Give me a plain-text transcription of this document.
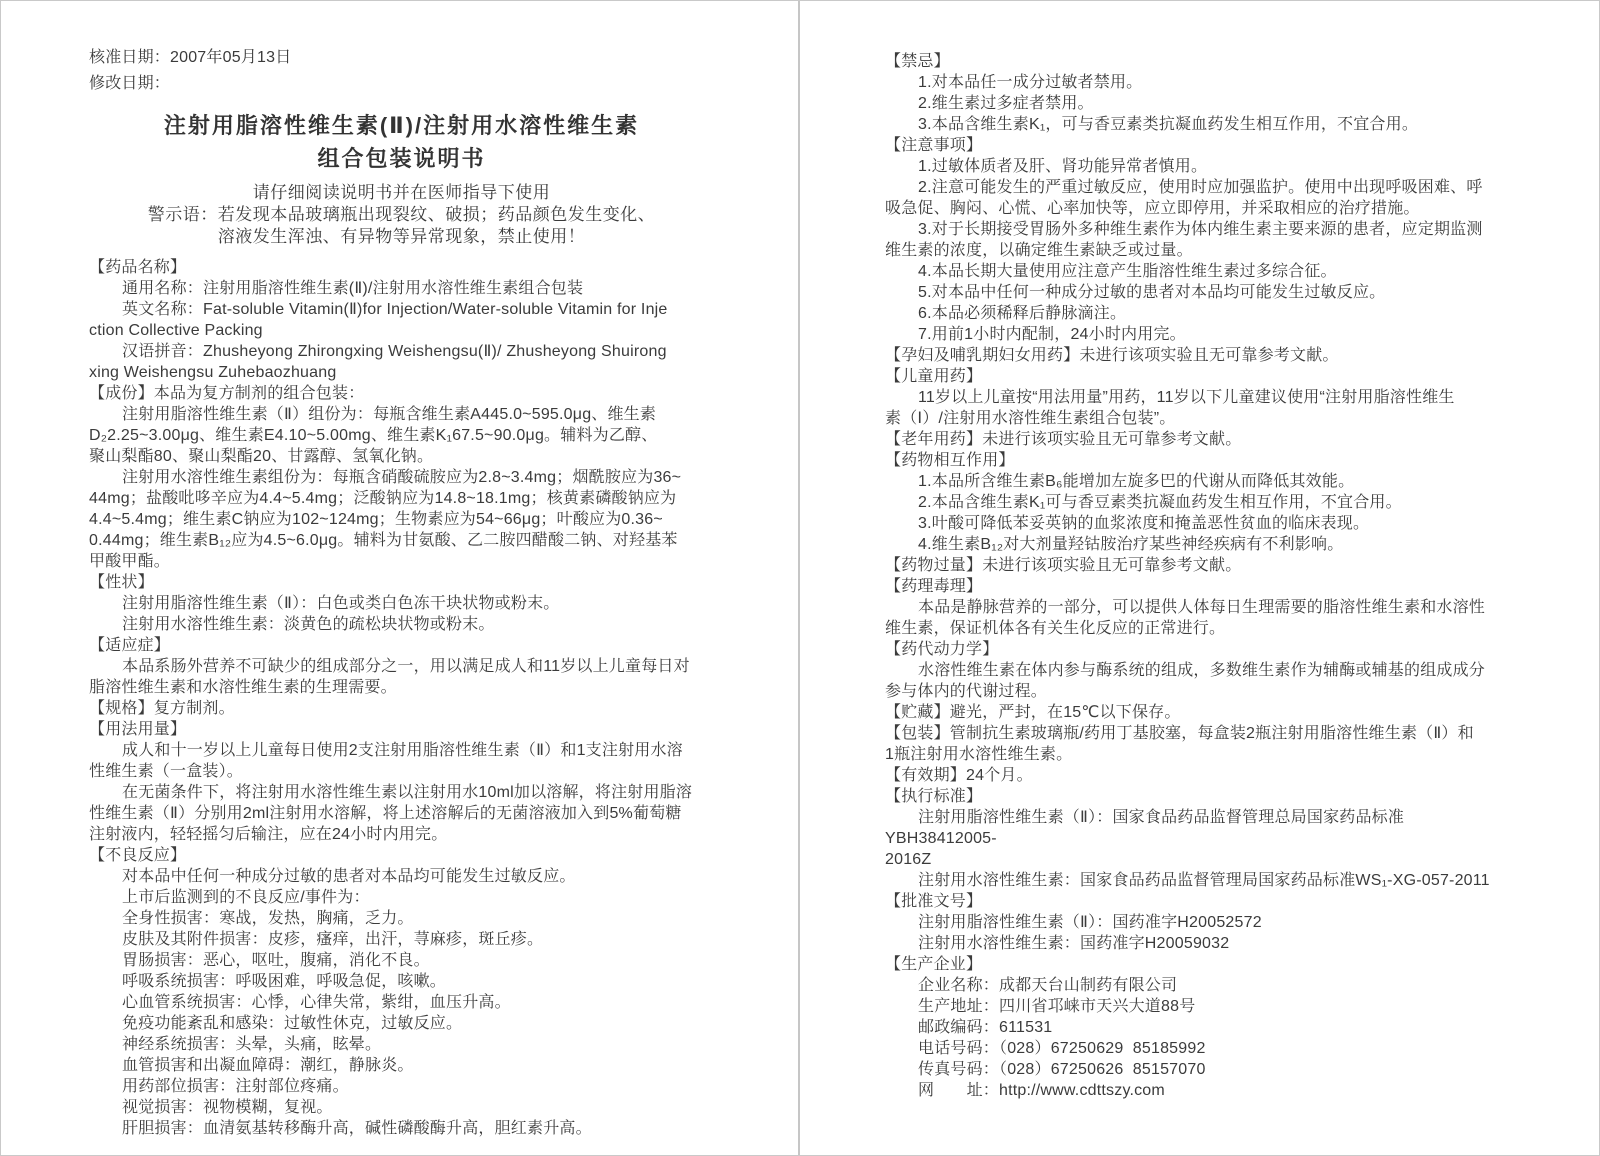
核准日期：2007年05月13日
修改日期：
注射用脂溶性维生素(Ⅱ)/注射用水溶性维生素
组合包装说明书
请仔细阅读说明书并在医师指导下使用
警示语：若发现本品玻璃瓶出现裂纹、破损；药品颜色发生变化、
溶液发生浑浊、有异物等异常现象，禁止使用！
【药品名称】
通用名称：注射用脂溶性维生素(Ⅱ)/注射用水溶性维生素组合包装
英文名称：Fat-soluble Vitamin(Ⅱ)for Injection/Water-soluble Vitamin for Inje
ction Collective Packing
汉语拼音：Zhusheyong Zhirongxing Weishengsu(Ⅱ)/ Zhusheyong Shuirong
xing Weishengsu Zuhebaozhuang
【成份】本品为复方制剂的组合包装：
注射用脂溶性维生素（Ⅱ）组份为：每瓶含维生素A445.0~595.0μg、维生素
D₂2.25~3.00μg、维生素E4.10~5.00mg、维生素K₁67.5~90.0μg。辅料为乙醇、
聚山梨酯80、聚山梨酯20、甘露醇、氢氧化钠。
注射用水溶性维生素组份为：每瓶含硝酸硫胺应为2.8~3.4mg；烟酰胺应为36~
44mg；盐酸吡哆辛应为4.4~5.4mg；泛酸钠应为14.8~18.1mg；核黄素磷酸钠应为
4.4~5.4mg；维生素C钠应为102~124mg；生物素应为54~66μg；叶酸应为0.36~
0.44mg；维生素B₁₂应为4.5~6.0μg。辅料为甘氨酸、乙二胺四醋酸二钠、对羟基苯
甲酸甲酯。
【性状】
注射用脂溶性维生素（Ⅱ）：白色或类白色冻干块状物或粉末。
注射用水溶性维生素：淡黄色的疏松块状物或粉末。
【适应症】
本品系肠外营养不可缺少的组成部分之一，用以满足成人和11岁以上儿童每日对
脂溶性维生素和水溶性维生素的生理需要。
【规格】复方制剂。
【用法用量】
成人和十一岁以上儿童每日使用2支注射用脂溶性维生素（Ⅱ）和1支注射用水溶
性维生素（一盒装）。
在无菌条件下，将注射用水溶性维生素以注射用水10ml加以溶解，将注射用脂溶
性维生素（Ⅱ）分别用2ml注射用水溶解，将上述溶解后的无菌溶液加入到5%葡萄糖
注射液内，轻轻摇匀后输注，应在24小时内用完。
【不良反应】
对本品中任何一种成分过敏的患者对本品均可能发生过敏反应。
上市后监测到的不良反应/事件为：
全身性损害：寒战，发热，胸痛，乏力。
皮肤及其附件损害：皮疹，瘙痒，出汗，荨麻疹，斑丘疹。
胃肠损害：恶心，呕吐，腹痛，消化不良。
呼吸系统损害：呼吸困难，呼吸急促，咳嗽。
心血管系统损害：心悸，心律失常，紫绀，血压升高。
免疫功能紊乱和感染：过敏性休克，过敏反应。
神经系统损害：头晕，头痛，眩晕。
血管损害和出凝血障碍：潮红，静脉炎。
用药部位损害：注射部位疼痛。
视觉损害：视物模糊，复视。
肝胆损害：血清氨基转移酶升高，碱性磷酸酶升高，胆红素升高。
【禁忌】
1.对本品任一成分过敏者禁用。
2.维生素过多症者禁用。
3.本品含维生素K₁，可与香豆素类抗凝血药发生相互作用，不宜合用。
【注意事项】
1.过敏体质者及肝、肾功能异常者慎用。
2.注意可能发生的严重过敏反应，使用时应加强监护。使用中出现呼吸困难、呼
吸急促、胸闷、心慌、心率加快等，应立即停用，并采取相应的治疗措施。
3.对于长期接受胃肠外多种维生素作为体内维生素主要来源的患者，应定期监测
维生素的浓度，以确定维生素缺乏或过量。
4.本品长期大量使用应注意产生脂溶性维生素过多综合征。
5.对本品中任何一种成分过敏的患者对本品均可能发生过敏反应。
6.本品必须稀释后静脉滴注。
7.用前1小时内配制，24小时内用完。
【孕妇及哺乳期妇女用药】未进行该项实验且无可靠参考文献。
【儿童用药】
11岁以上儿童按“用法用量”用药，11岁以下儿童建议使用“注射用脂溶性维生
素（Ⅰ）/注射用水溶性维生素组合包装”。
【老年用药】未进行该项实验且无可靠参考文献。
【药物相互作用】
1.本品所含维生素B₆能增加左旋多巴的代谢从而降低其效能。
2.本品含维生素K₁可与香豆素类抗凝血药发生相互作用，不宜合用。
3.叶酸可降低苯妥英钠的血浆浓度和掩盖恶性贫血的临床表现。
4.维生素B₁₂对大剂量羟钴胺治疗某些神经疾病有不利影响。
【药物过量】未进行该项实验且无可靠参考文献。
【药理毒理】
本品是静脉营养的一部分，可以提供人体每日生理需要的脂溶性维生素和水溶性
维生素，保证机体各有关生化反应的正常进行。
【药代动力学】
水溶性维生素在体内参与酶系统的组成，多数维生素作为辅酶或辅基的组成成分
参与体内的代谢过程。
【贮藏】避光，严封，在15℃以下保存。
【包装】管制抗生素玻璃瓶/药用丁基胶塞，每盒装2瓶注射用脂溶性维生素（Ⅱ）和
1瓶注射用水溶性维生素。
【有效期】24个月。
【执行标准】
注射用脂溶性维生素（Ⅱ）：国家食品药品监督管理总局国家药品标准YBH38412005-
2016Z
注射用水溶性维生素：国家食品药品监督管理局国家药品标准WS₁-XG-057-2011
【批准文号】
注射用脂溶性维生素（Ⅱ）：国药准字H20052572
注射用水溶性维生素：国药准字H20059032
【生产企业】
企业名称：成都天台山制药有限公司
生产地址：四川省邛崃市天兴大道88号
邮政编码：611531
电话号码：（028）67250629  85185992
传真号码：（028）67250626  85157070
网　　址：http://www.cdttszy.com
